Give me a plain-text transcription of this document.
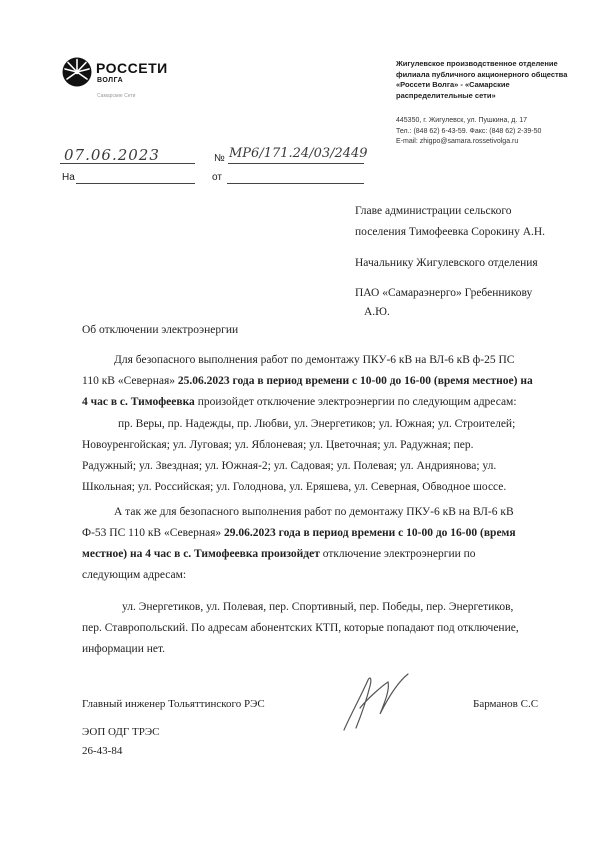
РОССЕТИ
ВОЛГА
Самарские Сети
Жигулевское производственное отделение
филиала публичного акционерного общества
«Россети Волга» - «Самарские
распределительные сети»
445350, г. Жигулевск, ул. Пушкина, д. 17
Тел.: (848 62) 6-43-59. Факс: (848 62) 2-39-50
E-mail: zhigpo@samara.rossetivolga.ru
07.06.2023	№ МР6/171.24/03/2449
На	от
Главе администрации сельского
поселения Тимофеевка Сорокину А.Н.
Начальнику Жигулевского отделения
ПАО «Самараэнерго» Гребенникову
А.Ю.
Об отключении электроэнергии

Для безопасного выполнения работ по демонтажу ПКУ-6 кВ на ВЛ-6 кВ ф-25 ПС

110 кВ «Северная» 25.06.2023 года в период времени с 10-00 до 16-00 (время местное) на

4 час в с. Тимофеевка произойдет отключение электроэнергии по следующим адресам:

пр. Веры, пр. Надежды, пр. Любви, ул. Энергетиков; ул. Южная; ул. Строителей;

Новоуренгойская; ул. Луговая; ул. Яблоневая; ул. Цветочная; ул. Радужная; пер.

Радужный; ул. Звездная; ул. Южная-2; ул. Садовая; ул. Полевая; ул. Андриянова; ул.

Школьная; ул. Российская; ул. Голоднова, ул. Еряшева, ул. Северная, Обводное шоссе.

А так же для безопасного выполнения работ по демонтажу ПКУ-6 кВ на ВЛ-6 кВ

Ф-53 ПС 110 кВ «Северная» 29.06.2023 года в период времени с 10-00 до 16-00 (время

местное) на 4 час в с. Тимофеевка произойдет отключение электроэнергии по

следующим адресам:

ул. Энергетиков, ул. Полевая, пер. Спортивный, пер. Победы, пер. Энергетиков,

пер. Ставропольский. По адресам абонентских КТП, которые попадают под отключение,

информации нет.

Главный инженер Тольяттинского РЭС	Барманов С.С
ЭОП ОДГ ТРЭС
26-43-84
